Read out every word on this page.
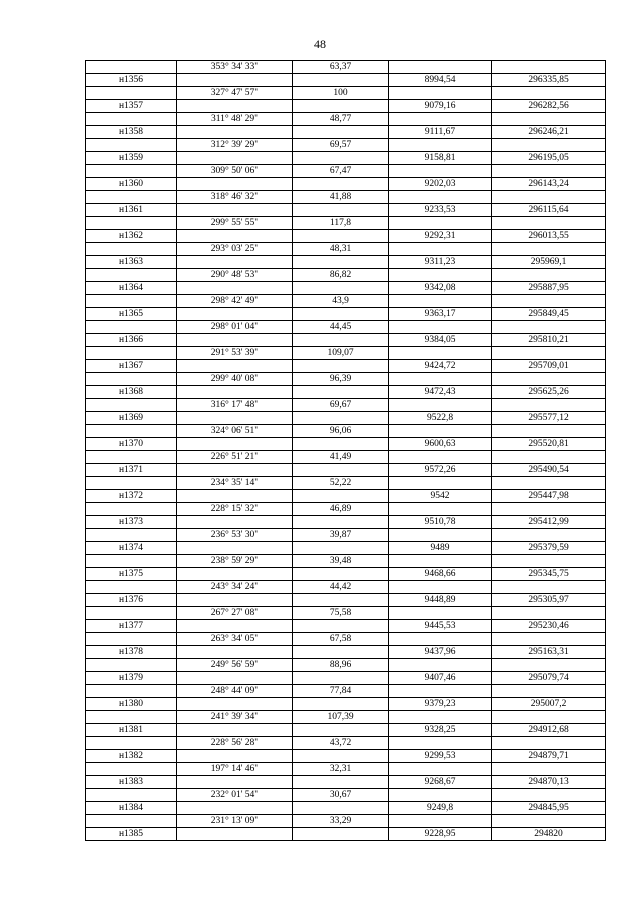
48
	353° 34' 33"	63,37		
н1356			8994,54	296335,85
	327° 47' 57"	100		
н1357			9079,16	296282,56
	311° 48' 29"	48,77		
н1358			9111,67	296246,21
	312° 39' 29"	69,57		
н1359			9158,81	296195,05
	309° 50' 06"	67,47		
н1360			9202,03	296143,24
	318° 46' 32"	41,88		
н1361			9233,53	296115,64
	299° 55' 55"	117,8		
н1362			9292,31	296013,55
	293° 03' 25"	48,31		
н1363			9311,23	295969,1
	290° 48' 53"	86,82		
н1364			9342,08	295887,95
	298° 42' 49"	43,9		
н1365			9363,17	295849,45
	298° 01' 04"	44,45		
н1366			9384,05	295810,21
	291° 53' 39"	109,07		
н1367			9424,72	295709,01
	299° 40' 08"	96,39		
н1368			9472,43	295625,26
	316° 17' 48"	69,67		
н1369			9522,8	295577,12
	324° 06' 51"	96,06		
н1370			9600,63	295520,81
	226° 51' 21"	41,49		
н1371			9572,26	295490,54
	234° 35' 14"	52,22		
н1372			9542	295447,98
	228° 15' 32"	46,89		
н1373			9510,78	295412,99
	236° 53' 30"	39,87		
н1374			9489	295379,59
	238° 59' 29"	39,48		
н1375			9468,66	295345,75
	243° 34' 24"	44,42		
н1376			9448,89	295305,97
	267° 27' 08"	75,58		
н1377			9445,53	295230,46
	263° 34' 05"	67,58		
н1378			9437,96	295163,31
	249° 56' 59"	88,96		
н1379			9407,46	295079,74
	248° 44' 09"	77,84		
н1380			9379,23	295007,2
	241° 39' 34"	107,39		
н1381			9328,25	294912,68
	228° 56' 28"	43,72		
н1382			9299,53	294879,71
	197° 14' 46"	32,31		
н1383			9268,67	294870,13
	232° 01' 54"	30,67		
н1384			9249,8	294845,95
	231° 13' 09"	33,29		
н1385			9228,95	294820
